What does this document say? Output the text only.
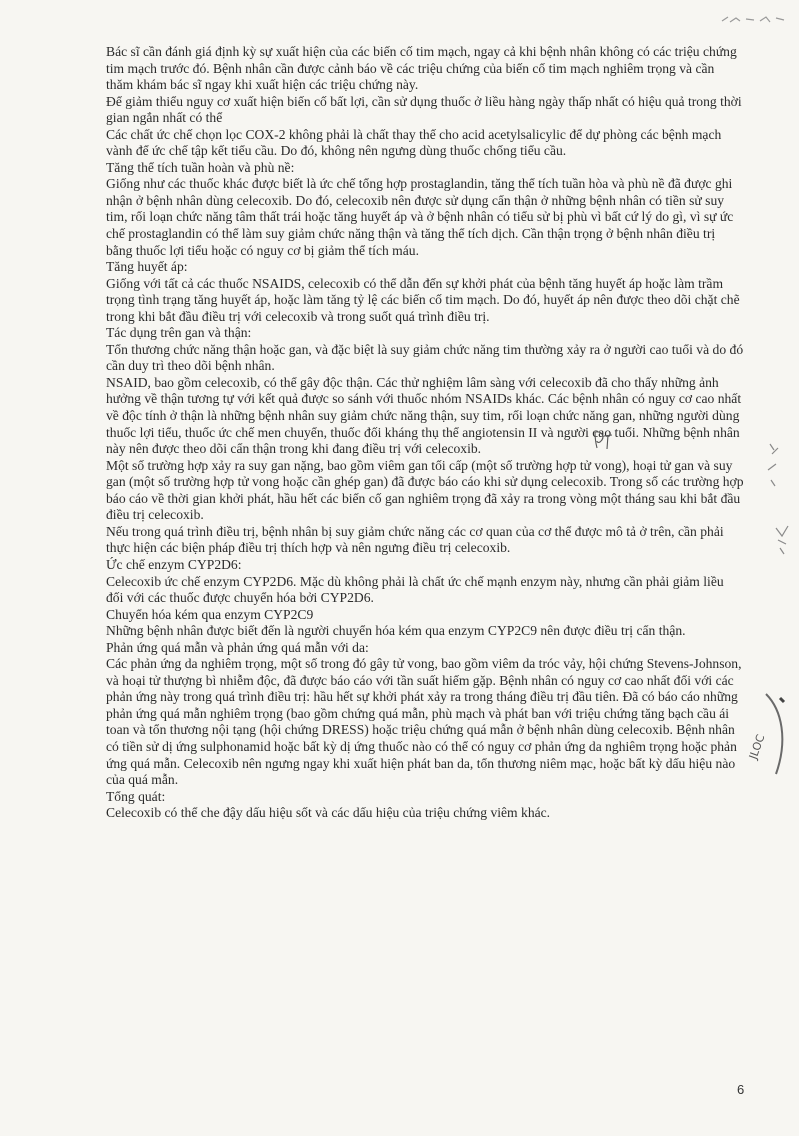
Bác sĩ cần đánh giá định kỳ sự xuất hiện của các biến cố tim mạch, ngay cả khi bệnh nhân không có các triệu chứng tim mạch trước đó. Bệnh nhân cần được cảnh báo về các triệu chứng của biến cố tim mạch nghiêm trọng và cần thăm khám bác sĩ ngay khi xuất hiện các triệu chứng này.

Để giảm thiểu nguy cơ xuất hiện biến cố bất lợi, cần sử dụng thuốc ở liều hàng ngày thấp nhất có hiệu quả trong thời gian ngắn nhất có thể

Các chất ức chế chọn lọc COX-2 không phải là chất thay thế cho acid acetylsalicylic để dự phòng các bệnh mạch vành để ức chế tập kết tiểu cầu. Do đó, không nên ngưng dùng thuốc chống tiểu cầu.

Tăng thể tích tuần hoàn và phù nề:

Giống như các thuốc khác được biết là ức chế tổng hợp prostaglandin, tăng thể tích tuần hòa và phù nề đã được ghi nhận ở bệnh nhân dùng celecoxib. Do đó, celecoxib nên được sử dụng cẩn thận ở những bệnh nhân có tiền sử suy tim, rối loạn chức năng tâm thất trái hoặc tăng huyết áp và ở bệnh nhân có tiểu sử bị phù vì bất cứ lý do gì, vì sự ức chế prostaglandin có thể làm suy giảm chức năng thận và tăng thể tích dịch. Cần thận trọng ở bệnh nhân điều trị bằng thuốc lợi tiểu hoặc có nguy cơ bị giảm thể tích máu.

Tăng huyết áp:

Giống với tất cả các thuốc NSAIDS, celecoxib có thể dẫn đến sự khởi phát của bệnh tăng huyết áp hoặc làm trầm trọng tình trạng tăng huyết áp, hoặc làm tăng tỷ lệ các biến cố tim mạch. Do đó, huyết áp nên được theo dõi chặt chẽ trong khi bắt đầu điều trị với celecoxib và trong suốt quá trình điều trị.

Tác dụng trên gan và thận:

Tổn thương chức năng thận hoặc gan, và đặc biệt là suy giảm chức năng tim thường xảy ra ở người cao tuổi và do đó cần duy trì theo dõi bệnh nhân.

NSAID, bao gồm celecoxib, có thể gây độc thận. Các thử nghiệm lâm sàng với celecoxib đã cho thấy những ảnh hưởng về thận tương tự với kết quả được so sánh với thuốc nhóm NSAIDs khác. Các bệnh nhân có nguy cơ cao nhất về độc tính ở thận là những bệnh nhân suy giảm chức năng thận, suy tim, rối loạn chức năng gan, những người dùng thuốc lợi tiểu, thuốc ức chế men chuyển, thuốc đối kháng thụ thể angiotensin II và người cao tuổi. Những bệnh nhân này nên được theo dõi cẩn thận trong khi đang điều trị với celecoxib.

Một số trường hợp xảy ra suy gan nặng, bao gồm viêm gan tối cấp (một số trường hợp tử vong), hoại tử gan và suy gan (một số trường hợp tử vong hoặc cần ghép gan) đã được báo cáo khi sử dụng celecoxib. Trong số các trường hợp báo cáo về thời gian khởi phát, hầu hết các biến cố gan nghiêm trọng đã xảy ra trong vòng một tháng sau khi bắt đầu điều trị celecoxib.

Nếu trong quá trình điều trị, bệnh nhân bị suy giảm chức năng các cơ quan của cơ thể được mô tả ở trên, cần phải thực hiện các biện pháp điều trị thích hợp và nên ngưng điều trị celecoxib.

Ức chế enzym CYP2D6:

Celecoxib ức chế enzym CYP2D6. Mặc dù không phải là chất ức chế mạnh enzym này, nhưng cần phải giảm liều đối với các thuốc được chuyển hóa bởi CYP2D6.

Chuyển hóa kém qua enzym CYP2C9

Những bệnh nhân được biết đến là người chuyển hóa kém qua enzym CYP2C9 nên được điều trị cẩn thận.

Phản ứng quá mẫn và phản ứng quá mẫn với da:

Các phản ứng da nghiêm trọng, một số trong đó gây tử vong, bao gồm viêm da tróc vảy, hội chứng Stevens-Johnson, và hoại tử thượng bì nhiễm độc, đã được báo cáo với tần suất hiếm gặp. Bệnh nhân có nguy cơ cao nhất đối với các phản ứng này trong quá trình điều trị: hầu hết sự khởi phát xảy ra trong tháng điều trị đầu tiên. Đã có báo cáo những phản ứng quá mẫn nghiêm trọng (bao gồm chứng quá mẫn, phù mạch và phát ban với triệu chứng tăng bạch cầu ái toan và tổn thương nội tạng (hội chứng DRESS) hoặc triệu chứng quá mẫn ở bệnh nhân dùng celecoxib. Bệnh nhân có tiền sử dị ứng sulphonamid hoặc bất kỳ dị ứng thuốc nào có thể có nguy cơ phản ứng da nghiêm trọng hoặc phản ứng quá mẫn. Celecoxib nên ngưng ngay khi xuất hiện phát ban da, tổn thương niêm mạc, hoặc bất kỳ dấu hiệu nào của quá mẫn.

Tổng quát:

Celecoxib có thể che đậy dấu hiệu sốt và các dấu hiệu của triệu chứng viêm khác.

JLOC
6
